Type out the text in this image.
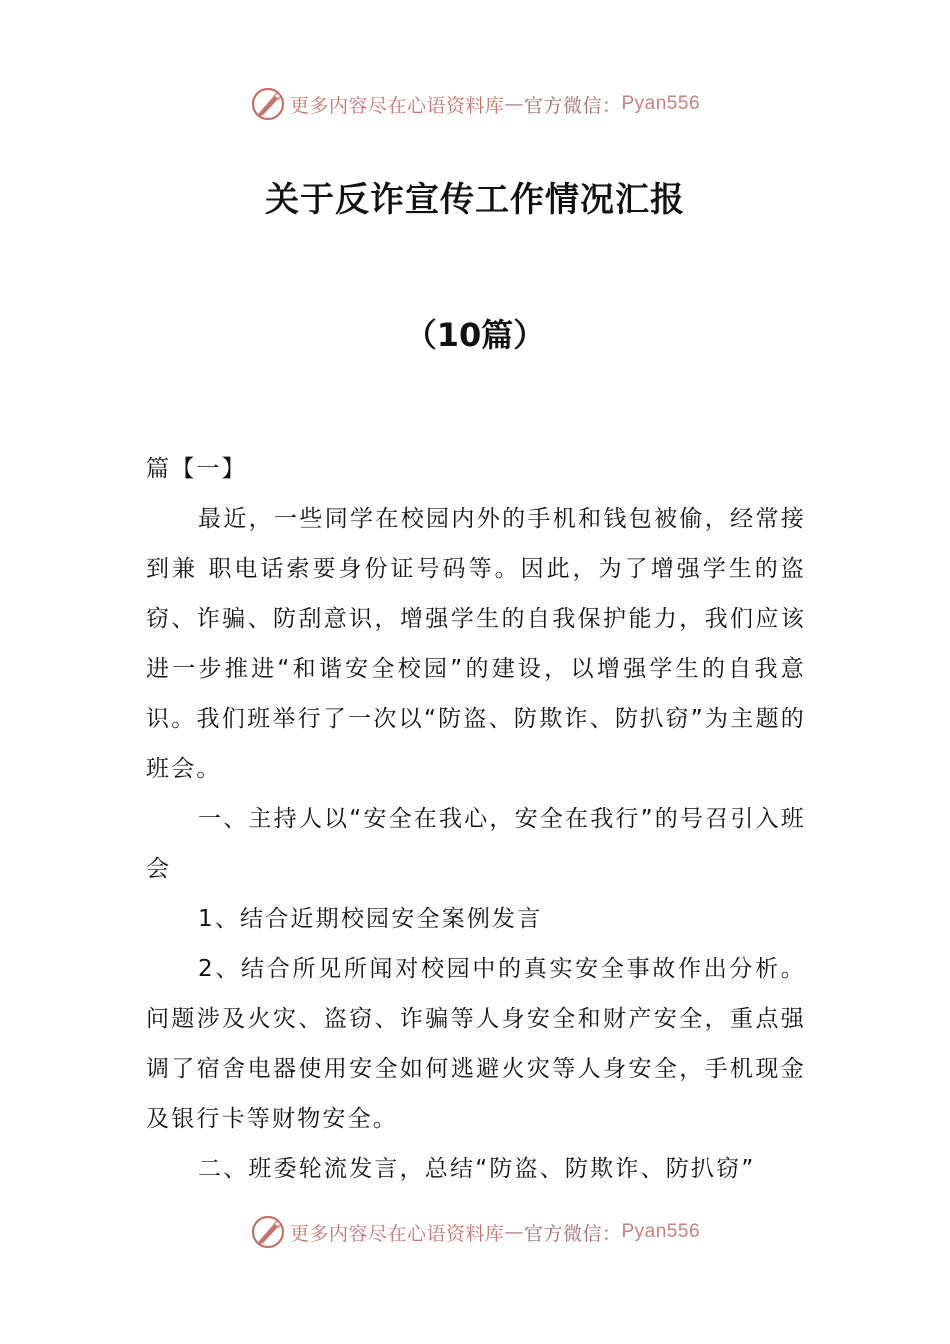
更多内容尽在心语资料库 — 官方微信： Pyan556
关于反诈宣传工作情况汇报
（10篇）

篇【一】

最近，一些同学在校园内外的手机和钱包被偷，经常接到兼 职电话索要身份证号码等。因此，为了增强学生的盗窃、诈骗、防刮意识，增强学生的自我保护能力，我们应该进一步推进“和谐安全校园”的建设，以增强学生的自我意识。我们班举行了一次以“防盗、防欺诈、防扒窃”为主题的班会。

一、主持人以“安全在我心，安全在我行”的号召引入班会

1、结合近期校园安全案例发言

2、结合所见所闻对校园中的真实安全事故作出分析。问题涉及火灾、盗窃、诈骗等人身安全和财产安全，重点强调了宿舍电器使用安全如何逃避火灾等人身安全，手机现金及银行卡等财物安全。

二、班委轮流发言，总结“防盗、防欺诈、防扒窃”

更多内容尽在心语资料库 — 官方微信： Pyan556
